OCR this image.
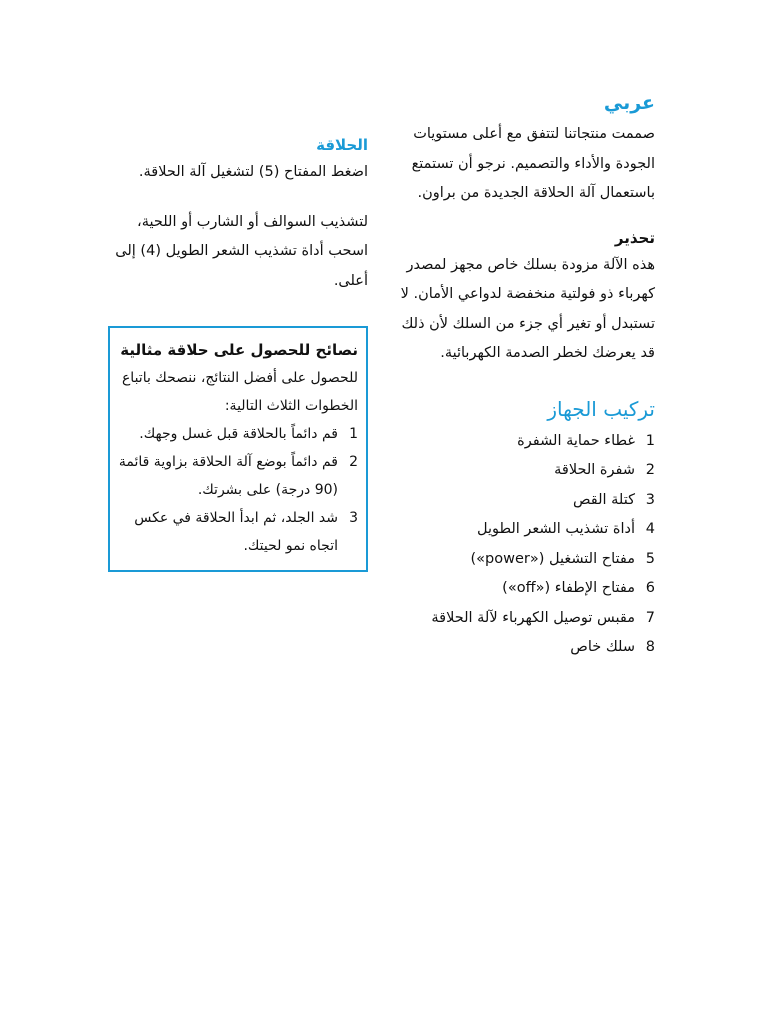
عربي

صممت منتجاتنا لتتفق مع أعلى مستويات الجودة والأداء والتصميم. نرجو أن تستمتع باستعمال آلة الحلاقة الجديدة من براون.

تحذير

هذه الآلة مزودة بسلك خاص مجهز لمصدر كهرباء ذو فولتية منخفضة لدواعي الأمان. لا تستبدل أو تغير أي جزء من السلك لأن ذلك قد يعرضك لخطر الصدمة الكهربائية.

تركيب الجهاز
1
غطاء حماية الشفرة
2
شفرة الحلاقة
3
كتلة القص
4
أداة تشذيب الشعر الطويل
5
مفتاح التشغيل («power»)
6
مفتاح الإطفاء («off»)
7
مقبس توصيل الكهرباء لآلة الحلاقة
8
سلك خاص
الحلاقة

اضغط المفتاح (5) لتشغيل آلة الحلاقة.

لتشذيب السوالف أو الشارب أو اللحية، اسحب أداة تشذيب الشعر الطويل (4) إلى أعلى.

نصائح للحصول على حلاقة مثالية

للحصول على أفضل النتائج، ننصحك باتباع الخطوات الثلاث التالية:

1
قم دائماً بالحلاقة قبل غسل وجهك.
2
قم دائماً بوضع آلة الحلاقة بزاوية قائمة (90 درجة) على بشرتك.
3
شد الجلد، ثم ابدأ الحلاقة في عكس اتجاه نمو لحيتك.
